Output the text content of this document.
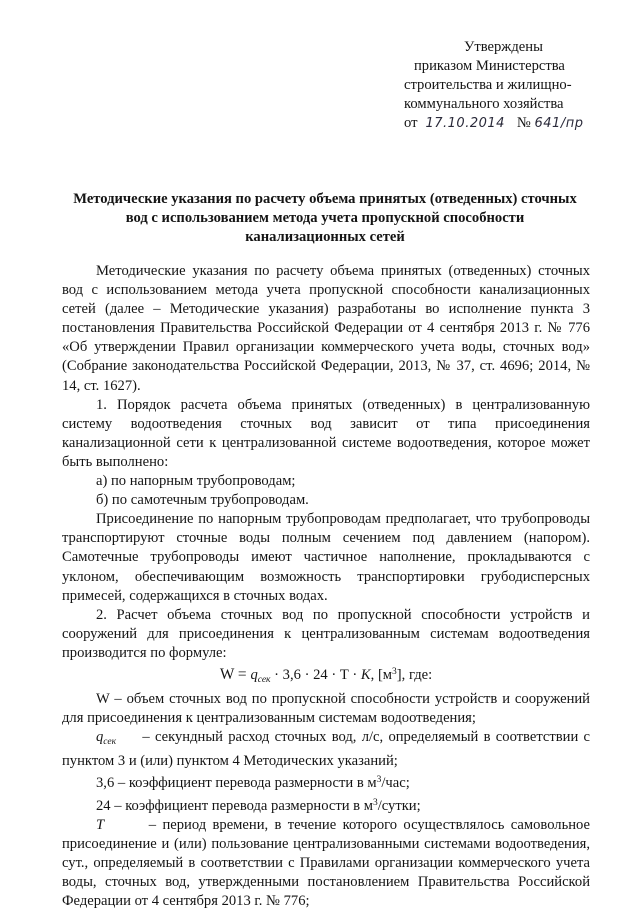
Утверждены
приказом Министерства
строительства и жилищно-
коммунального хозяйства
от 17.10.2014 № 641/пр
Методические указания по расчету объема принятых (отведенных) сточных вод с использованием метода учета пропускной способности канализационных сетей

Методические указания по расчету объема принятых (отведенных) сточных вод с использованием метода учета пропускной способности канализационных сетей (далее – Методические указания) разработаны во исполнение пункта 3 постановления Правительства Российской Федерации от 4 сентября 2013 г. № 776 «Об утверждении Правил организации коммерческого учета воды, сточных вод» (Собрание законодательства Российской Федерации, 2013, № 37, ст. 4696; 2014, № 14, ст. 1627).

1. Порядок расчета объема принятых (отведенных) в централизованную систему водоотведения сточных вод зависит от типа присоединения канализационной сети к централизованной системе водоотведения, которое может быть выполнено:

а) по напорным трубопроводам;

б) по самотечным трубопроводам.

Присоединение по напорным трубопроводам предполагает, что трубопроводы транспортируют сточные воды полным сечением под давлением (напором). Самотечные трубопроводы имеют частичное наполнение, прокладываются с уклоном, обеспечивающим возможность транспортировки грубодисперсных примесей, содержащихся в сточных водах.

2. Расчет объема сточных вод по пропускной способности устройств и сооружений для присоединения к централизованным системам водоотведения производится по формуле:

$W = q_{сек} \cdot 3,6 \cdot 24 \cdot Т \cdot K$, $[м^3]$, где:

W – объем сточных вод по пропускной способности устройств и сооружений для присоединения к централизованным системам водоотведения;

$q_{сек}$     – секундный расход сточных вод, л/с, определяемый в соответствии с пунктом 3 и (или) пунктом 4 Методических указаний;

3,6 – коэффициент перевода размерности в $м^3$/час;

24 – коэффициент перевода размерности в $м^3$/сутки;

Т	– период времени, в течение которого осуществлялось самовольное присоединение и (или) пользование централизованными системами водоотведения, сут., определяемый в соответствии с Правилами организации коммерческого учета воды, сточных вод, утвержденными постановлением Правительства Российской Федерации от 4 сентября 2013 г. № 776;
